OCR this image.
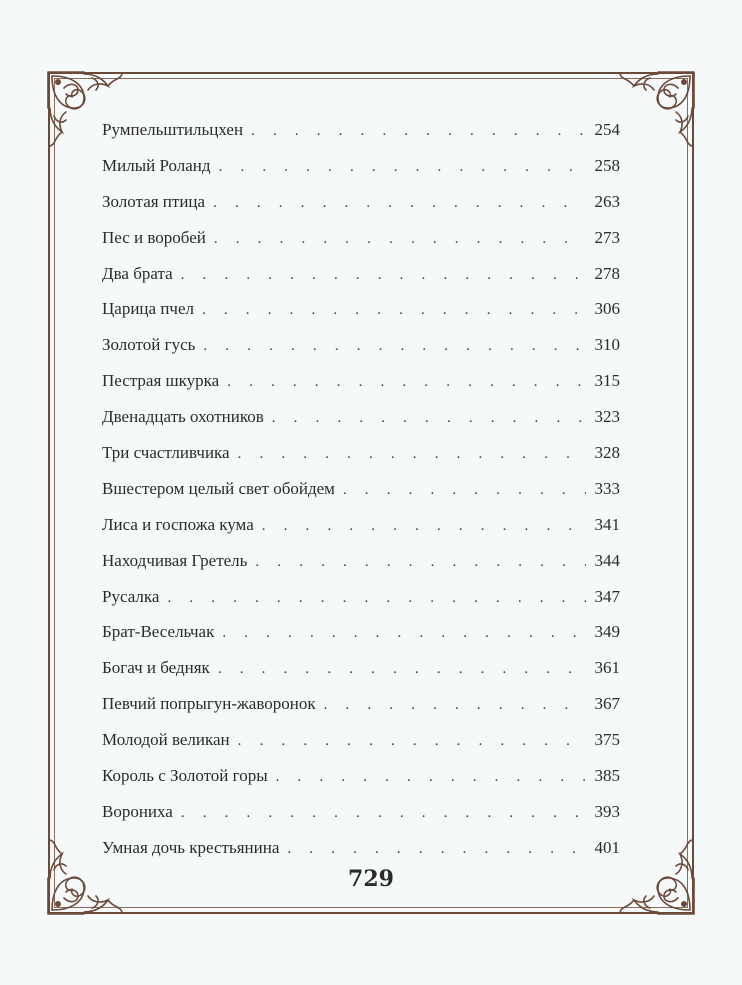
Румпельштильцхен . . .	254
Милый Роланд . . .	258
Золотая птица . . .	263
Пес и воробей . . .	273
Два брата . . .	278
Царица пчел . . .	306
Золотой гусь . . .	310
Пестрая шкурка . . .	315
Двенадцать охотников . . .	323
Три счастливчика . . .	328
Вшестером целый свет обойдем . . .	333
Лиса и госпожа кума . . .	341
Находчивая Гретель . . .	344
Русалка . . .	347
Брат-Весельчак . . .	349
Богач и бедняк . . .	361
Певчий попрыгун-жаворонок . . .	367
Молодой великан . . .	375
Король с Золотой горы . . .	385
Ворониха . . .	393
Умная дочь крестьянина . . .	401
729
